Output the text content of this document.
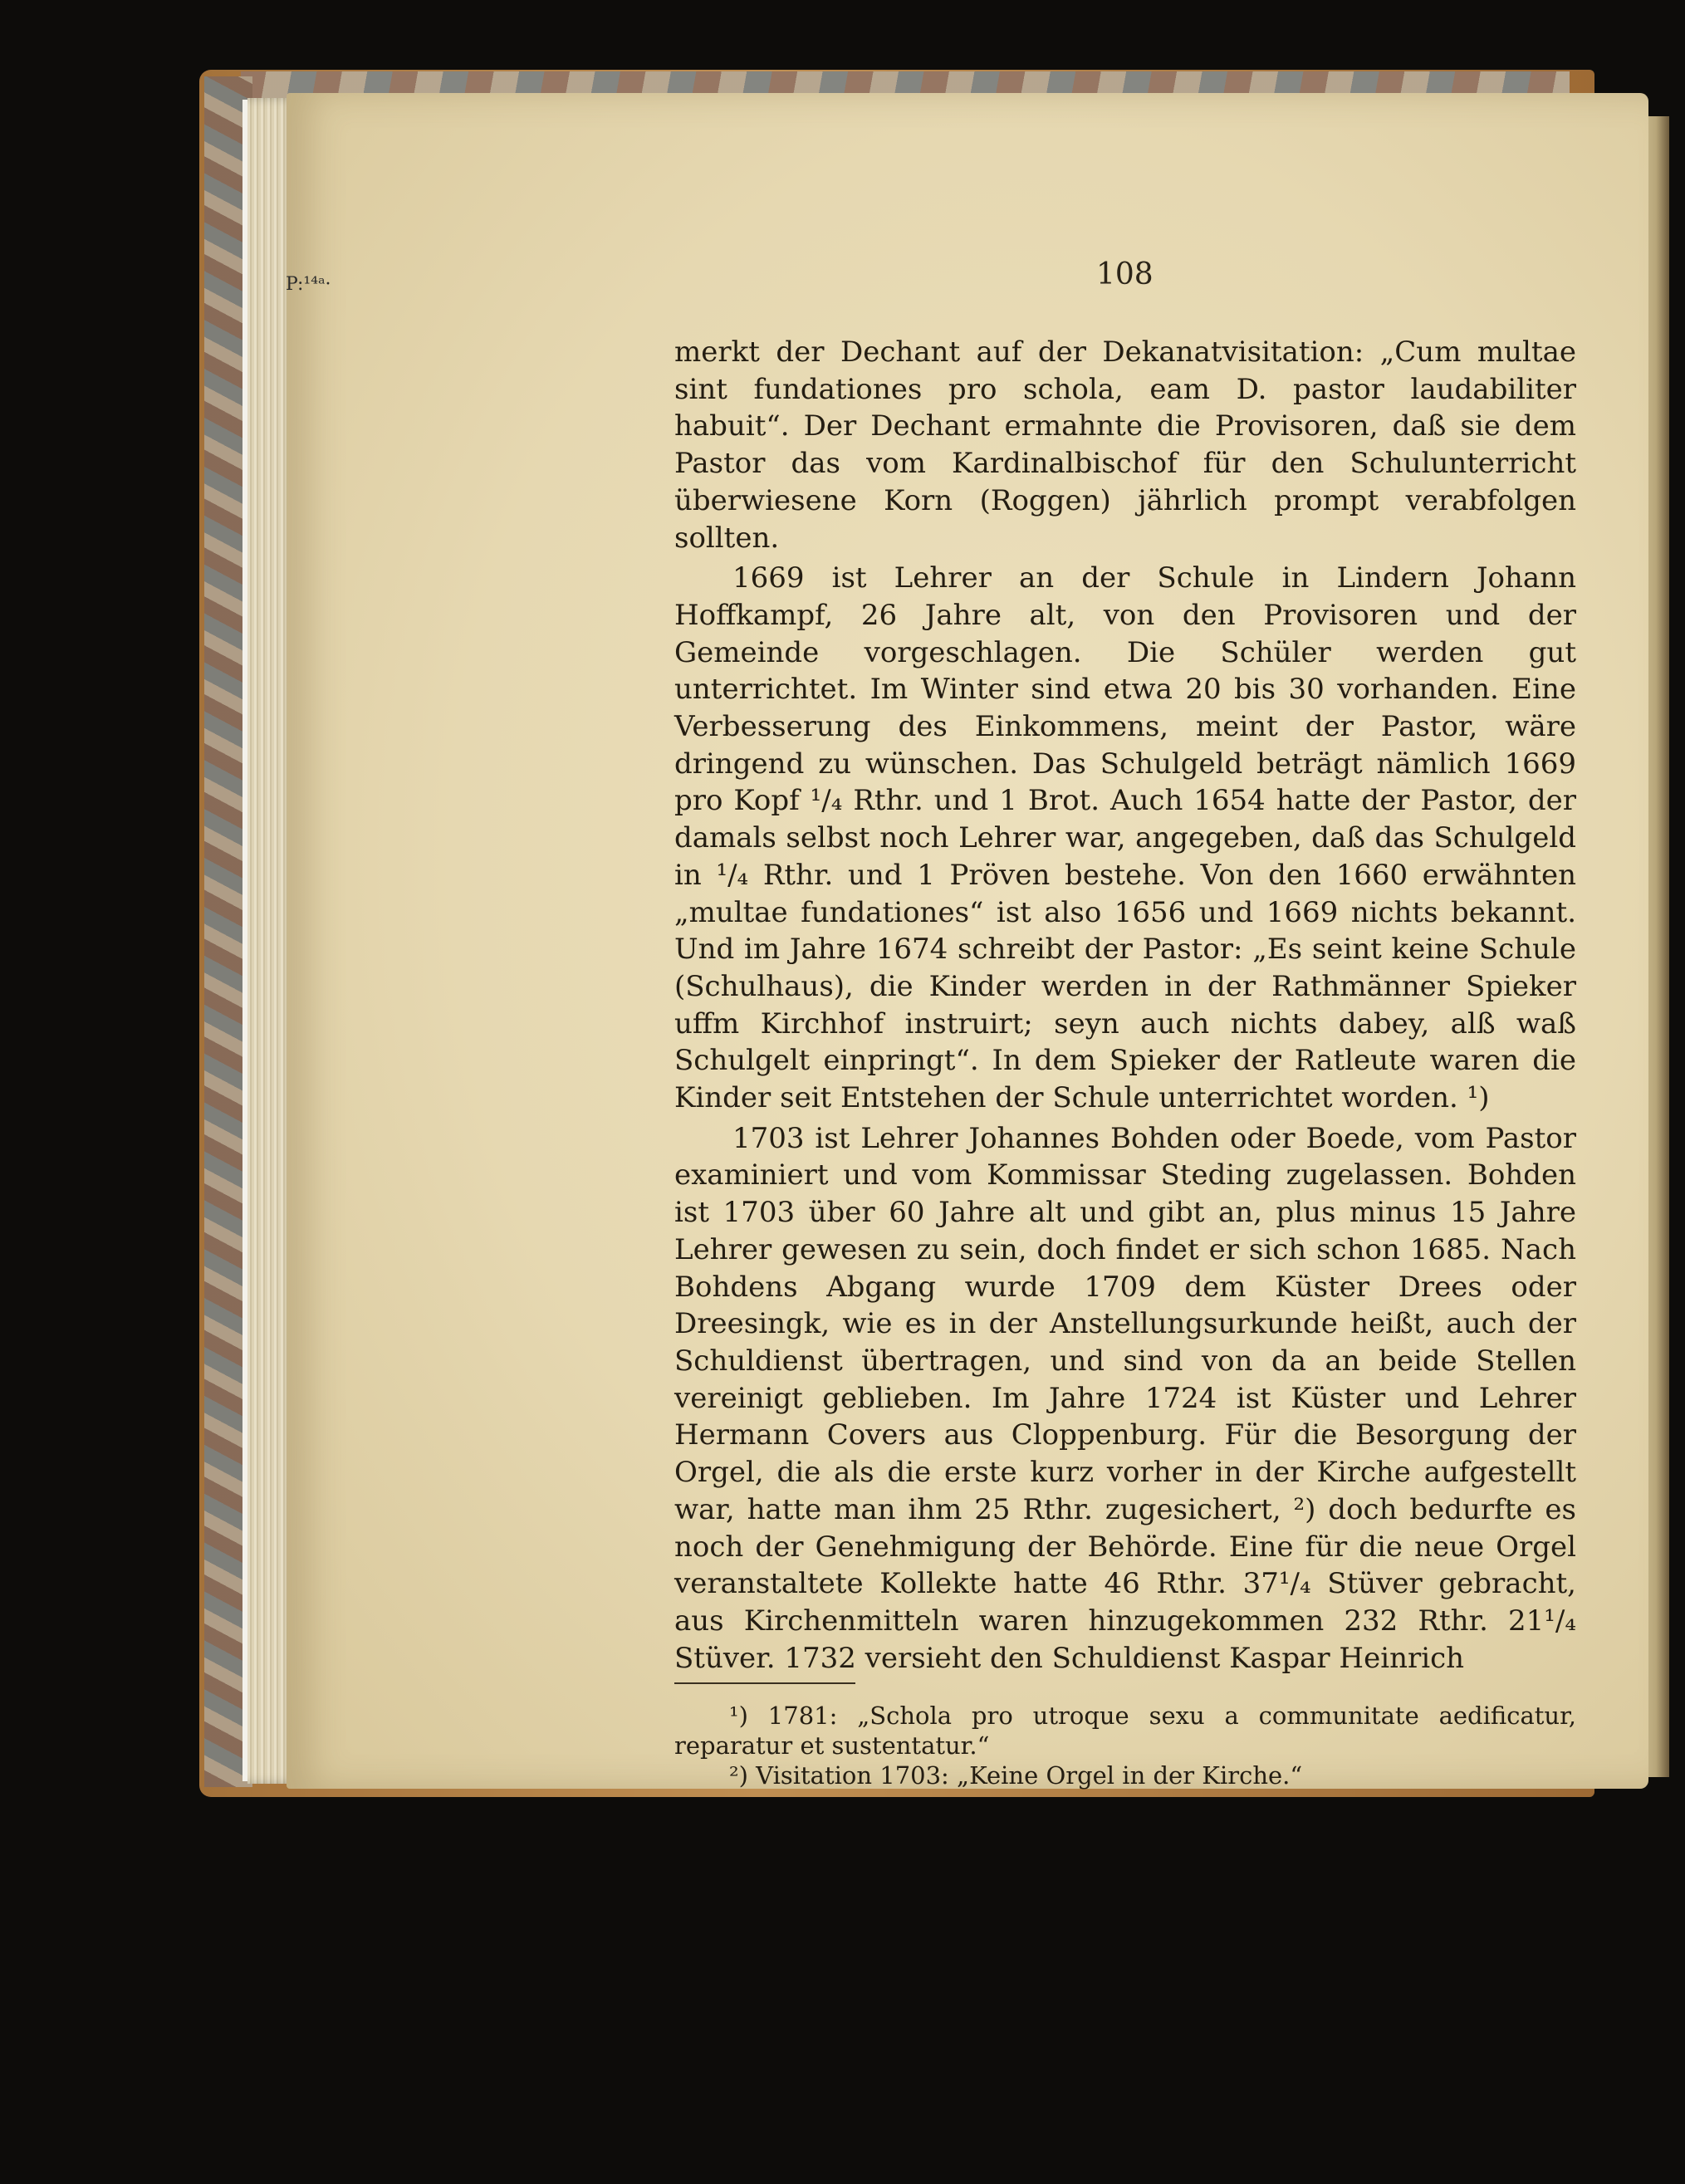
P:¹⁴ᵃ·	108

merkt der Dechant auf der Dekanatvisitation: „Cum multae sint fundationes pro schola, eam D. pastor laudabiliter habuit“. Der Dechant ermahnte die Provisoren, daß sie dem Pastor das vom Kardinalbischof für den Schulunterricht überwiesene Korn (Roggen) jährlich prompt verabfolgen sollten.

1669 ist Lehrer an der Schule in Lindern Johann Hoffkampf, 26 Jahre alt, von den Provisoren und der Gemeinde vorgeschlagen. Die Schüler werden gut unterrichtet. Im Winter sind etwa 20 bis 30 vorhanden. Eine Verbesserung des Einkommens, meint der Pastor, wäre dringend zu wünschen. Das Schulgeld beträgt nämlich 1669 pro Kopf ¹/₄ Rthr. und 1 Brot. Auch 1654 hatte der Pastor, der damals selbst noch Lehrer war, angegeben, daß das Schulgeld in ¹/₄ Rthr. und 1 Pröven bestehe. Von den 1660 erwähnten „multae fundationes“ ist also 1656 und 1669 nichts bekannt. Und im Jahre 1674 schreibt der Pastor: „Es seint keine Schule (Schulhaus), die Kinder werden in der Rathmänner Spieker uffm Kirchhof instruirt; seyn auch nichts dabey, alß waß Schulgelt einpringt“. In dem Spieker der Ratleute waren die Kinder seit Entstehen der Schule unterrichtet worden. ¹)

1703 ist Lehrer Johannes Bohden oder Boede, vom Pastor examiniert und vom Kommissar Steding zugelassen. Bohden ist 1703 über 60 Jahre alt und gibt an, plus minus 15 Jahre Lehrer gewesen zu sein, doch findet er sich schon 1685. Nach Bohdens Abgang wurde 1709 dem Küster Drees oder Dreesingk, wie es in der Anstellungsurkunde heißt, auch der Schuldienst übertragen, und sind von da an beide Stellen vereinigt geblieben. Im Jahre 1724 ist Küster und Lehrer Hermann Covers aus Cloppenburg. Für die Besorgung der Orgel, die als die erste kurz vorher in der Kirche aufgestellt war, hatte man ihm 25 Rthr. zugesichert, ²) doch bedurfte es noch der Genehmigung der Behörde. Eine für die neue Orgel veranstaltete Kollekte hatte 46 Rthr. 37¹/₄ Stüver gebracht, aus Kirchenmitteln waren hinzugekommen 232 Rthr. 21¹/₄ Stüver. 1732 versieht den Schuldienst Kaspar Heinrich

¹) 1781: „Schola pro utroque sexu a communitate aedificatur, reparatur et sustentatur.“

²) Visitation 1703: „Keine Orgel in der Kirche.“
